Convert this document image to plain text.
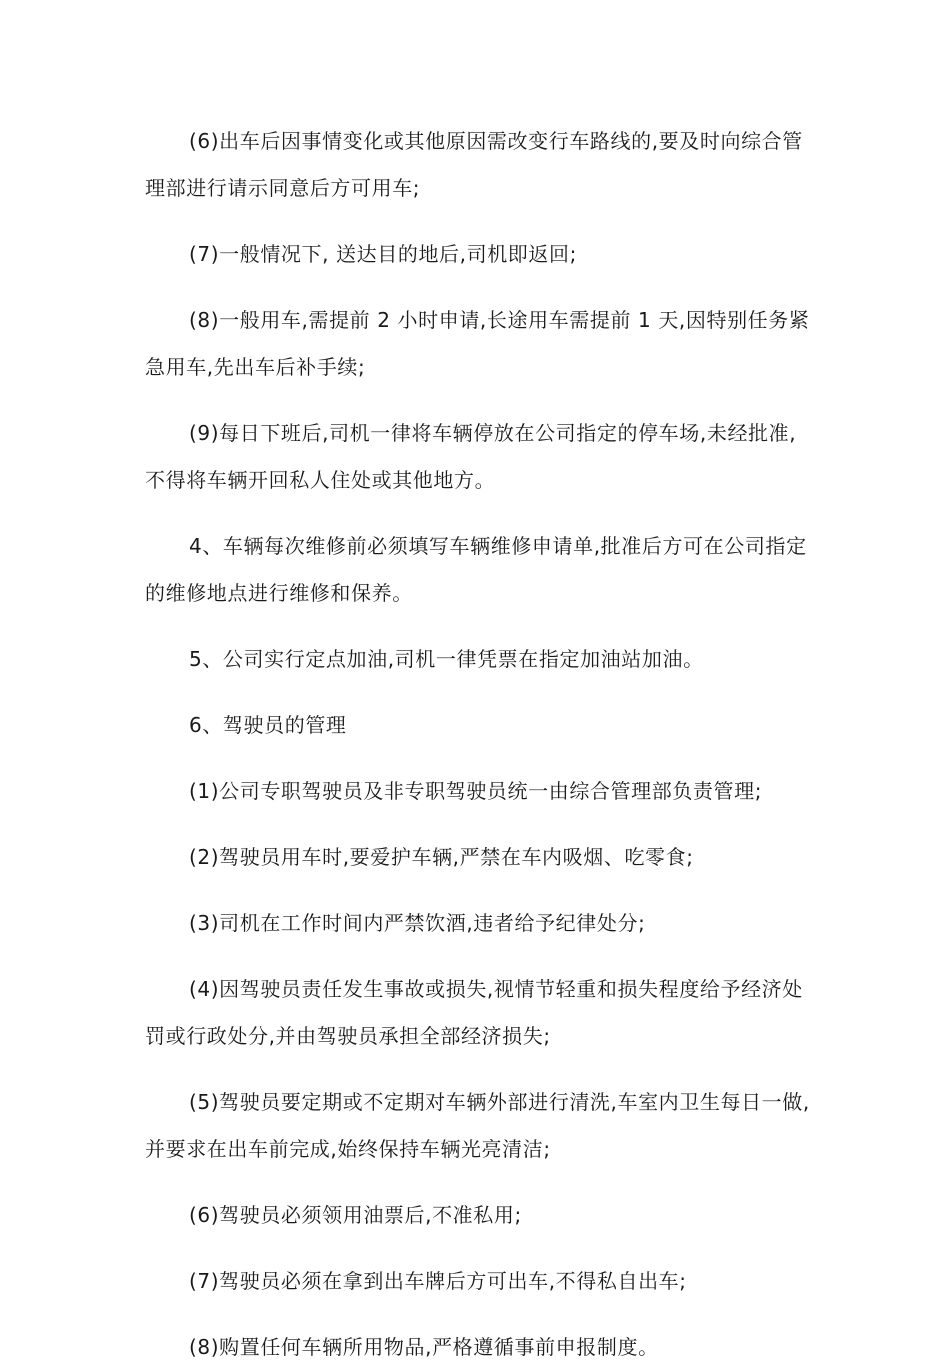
(6)出车后因事情变化或其他原因需改变行车路线的,要及时向综合管理部进行请示同意后方可用车;

(7)一般情况下, 送达目的地后,司机即返回;

(8)一般用车,需提前 2 小时申请,长途用车需提前 1 天,因特别任务紧急用车,先出车后补手续;

(9)每日下班后,司机一律将车辆停放在公司指定的停车场,未经批准,不得将车辆开回私人住处或其他地方。

4、车辆每次维修前必须填写车辆维修申请单,批准后方可在公司指定的维修地点进行维修和保养。

5、公司实行定点加油,司机一律凭票在指定加油站加油。

6、驾驶员的管理

(1)公司专职驾驶员及非专职驾驶员统一由综合管理部负责管理;

(2)驾驶员用车时,要爱护车辆,严禁在车内吸烟、吃零食;

(3)司机在工作时间内严禁饮酒,违者给予纪律处分;

(4)因驾驶员责任发生事故或损失,视情节轻重和损失程度给予经济处罚或行政处分,并由驾驶员承担全部经济损失;

(5)驾驶员要定期或不定期对车辆外部进行清洗,车室内卫生每日一做,并要求在出车前完成,始终保持车辆光亮清洁;

(6)驾驶员必须领用油票后,不准私用;

(7)驾驶员必须在拿到出车牌后方可出车,不得私自出车;

(8)购置任何车辆所用物品,严格遵循事前申报制度。
